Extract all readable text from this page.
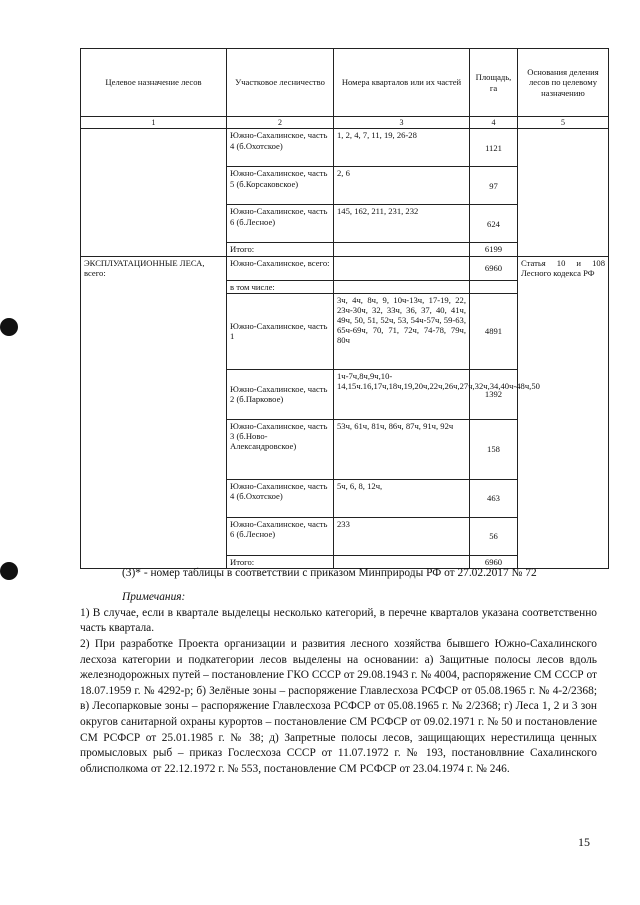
Целевое назначение лесов	Участковое лесничество	Номера кварталов или их частей	Площадь, га	Основания деления лесов по целевому назначению
1	2	3	4	5
	Южно-Сахалинское, часть 4 (б.Охотское)	1, 2, 4, 7, 11, 19, 26-28	1121	
	Южно-Сахалинское, часть 5 (б.Корсаковское)	2, 6	97	
	Южно-Сахалинское, часть 6 (б.Лесное)	145, 162, 211, 231, 232	624	
	Итого:		6199	
ЭКСПЛУАТАЦИОННЫЕ ЛЕСА, всего:	Южно-Сахалинское, всего:		6960	Статья 10 и 108 Лесного кодекса РФ
	в том числе:			
	Южно-Сахалинское, часть 1	3ч, 4ч, 8ч, 9, 10ч-13ч, 17-19, 22, 23ч-30ч, 32, 33ч, 36, 37, 40, 41ч, 49ч, 50, 51, 52ч, 53, 54ч-57ч, 59-63, 65ч-69ч, 70, 71, 72ч, 74-78, 79ч, 80ч	4891	
	Южно-Сахалинское, часть 2 (б.Парковое)	1ч-7ч,8ч,9ч,10-14,15ч.16,17ч,18ч,19,20ч,22ч,26ч,27ч,32ч,34,40ч-48ч,50	1392	
	Южно-Сахалинское, часть 3 (б.Ново-Александровское)	53ч, 61ч, 81ч, 86ч, 87ч, 91ч, 92ч	158	
	Южно-Сахалинское, часть 4 (б.Охотское)	5ч, 6, 8, 12ч,	463	
	Южно-Сахалинское, часть 6 (б.Лесное)	233	56	
	Итого:		6960	
(3)* - номер таблицы в соответствии с приказом Минприроды РФ от 27.02.2017 № 72

Примечания:

1) В случае, если в квартале выделецы несколько категорий, в перечне кварталов указана соответственно часть квартала.

2) При разработке Проекта организации и развития лесного хозяйства бывшего Южно-Сахалинского лесхоза категории и подкатегории лесов выделены на основании: а) Защитные полосы лесов вдоль железнодорожных путей – постановление ГКО СССР от 29.08.1943 г. № 4004, распоряжение СМ СССР от 18.07.1959 г. № 4292-р; б) Зелёные зоны – распоряжение Главлесхоза РСФСР от 05.08.1965 г. № 4-2/2368; в) Лесопарковые зоны – распоряжение Главлесхоза РСФСР от 05.08.1965 г. № 2/2368; г) Леса 1, 2 и 3 зон округов санитарной охраны курортов – постановление СМ РСФСР от 09.02.1971 г. № 50 и постановление СМ РСФСР от 25.01.1985 г. № 38; д) Запретные полосы лесов, защищающих нерестилища ценных промысловых рыб – приказ Гослесхоза СССР от 11.07.1972 г. № 193, постановлвние Сахалинского облисполкома от 22.12.1972 г. № 553, постановление СМ РСФСР от 23.04.1974 г. № 246.

15
